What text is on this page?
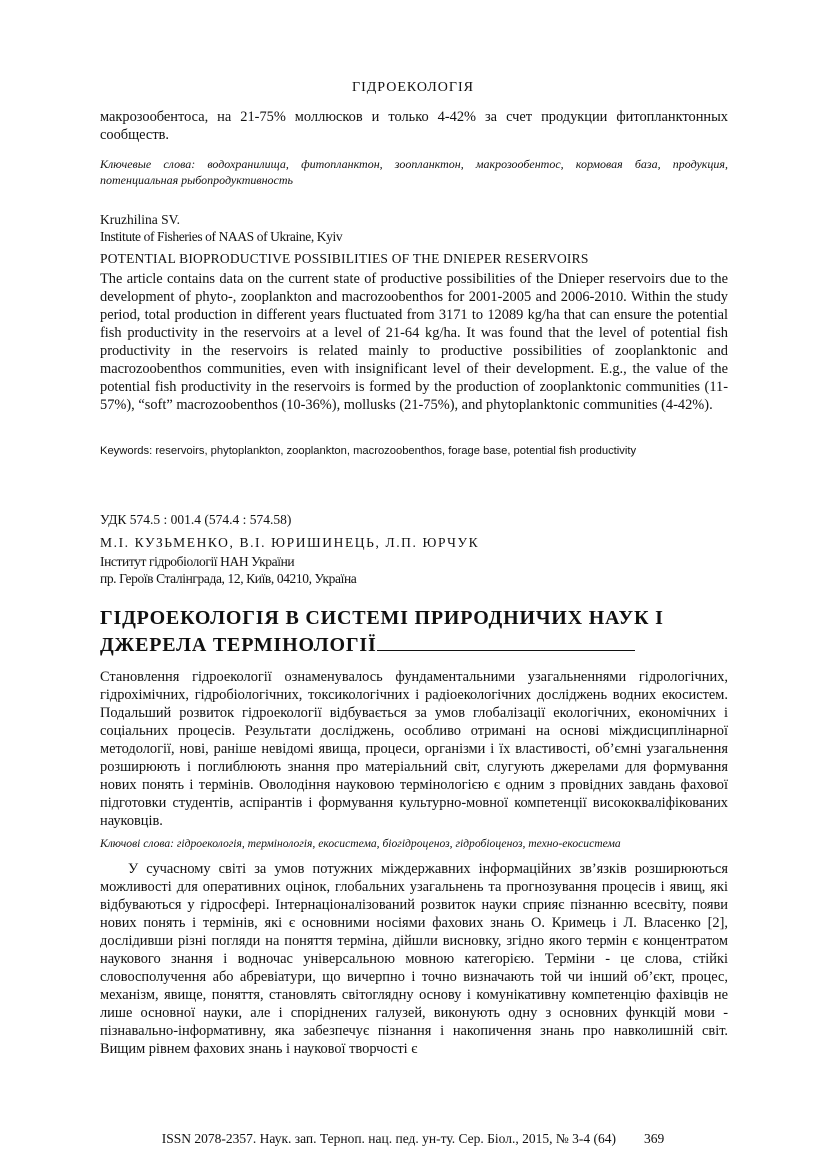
ГІДРОЕКОЛОГІЯ
макрозообентоса, на 21-75% моллюсков и только 4-42% за счет продукции фитопланктонных сообществ.
Ключевые слова: водохранилища, фитопланктон, зоопланктон, макрозообентос, кормовая база, продукция, потенциальная рыбопродуктивность
Kruzhilina SV.
Institute of Fisheries of NAAS of Ukraine, Kyiv
POTENTIAL BIOPRODUCTIVE POSSIBILITIES OF THE DNIEPER RESERVOIRS
The article contains data on the current state of productive possibilities of the Dnieper reservoirs due to the development of phyto-, zooplankton and macrozoobenthos for 2001-2005 and 2006-2010. Within the study period, total production in different years fluctuated from 3171 to 12089 kg/ha that can ensure the potential fish productivity in the reservoirs at a level of 21-64 kg/ha. It was found that the level of potential fish productivity in the reservoirs is related mainly to productive possibilities of zooplanktonic and macrozoobenthos communities, even with insignificant level of their development. E.g., the value of the potential fish productivity in the reservoirs is formed by the production of zooplanktonic communities (11-57%), “soft” macrozoobenthos (10-36%), mollusks (21-75%), and phytoplanktonic communities (4-42%).
Keywords: reservoirs, phytoplankton, zooplankton, macrozoobenthos, forage base, potential fish productivity
УДК 574.5 : 001.4 (574.4 : 574.58)
М.І. КУЗЬМЕНКО, В.І. ЮРИШИНЕЦЬ, Л.П. ЮРЧУК
Інститут гідробіології НАН України
пр. Героїв Сталінграда, 12, Київ, 04210, Україна
ГІДРОЕКОЛОГІЯ В СИСТЕМІ ПРИРОДНИЧИХ НАУК І
ДЖЕРЕЛА ТЕРМІНОЛОГІЇ
Становлення гідроекології ознаменувалось фундаментальними узагальненнями гідрологічних, гідрохімічних, гідробіологічних, токсикологічних і радіоекологічних досліджень водних екосистем. Подальший розвиток гідроекології відбувається за умов глобалізації екологічних, економічних і соціальних процесів. Результати досліджень, особливо отримані на основі міждисциплінарної методології, нові, раніше невідомі явища, процеси, організми і їх властивості, об’ємні узагальнення розширюють і поглиблюють знання про матеріальний світ, слугують джерелами для формування нових понять і термінів. Оволодіння науковою термінологією є одним з провідних завдань фахової підготовки студентів, аспірантів і формування культурно-мовної компетенції висококваліфікованих науковців.
Ключові слова: гідроекологія, термінологія, екосистема, біогідроценоз, гідробіоценоз, техно-екосистема
У сучасному світі за умов потужних міждержавних інформаційних зв’язків розширюються можливості для оперативних оцінок, глобальних узагальнень та прогнозування процесів і явищ, які відбуваються у гідросфері. Інтернаціоналізований розвиток науки сприяє пізнанню всесвіту, появи нових понять і термінів, які є основними носіями фахових знань О. Кримець і Л. Власенко [2], дослідивши різні погляди на поняття терміна, дійшли висновку, згідно якого термін є концентратом наукового знання і водночас універсальною мовною категорією. Терміни - це слова, стійкі словосполучення або абревіатури, що вичерпно і точно визначають той чи інший об’єкт, процес, механізм, явище, поняття, становлять світоглядну основу і комунікативну компетенцію фахівців не лише основної науки, але і споріднених галузей, виконують одну з основних функцій мови - пізнавально-інформативну, яка забезпечує пізнання і накопичення знань про навколишній світ. Вищим рівнем фахових знань і наукової творчості є
ISSN 2078-2357. Наук. зап. Терноп. нац. пед. ун-ту. Сер. Біол., 2015, № 3-4 (64) 369
